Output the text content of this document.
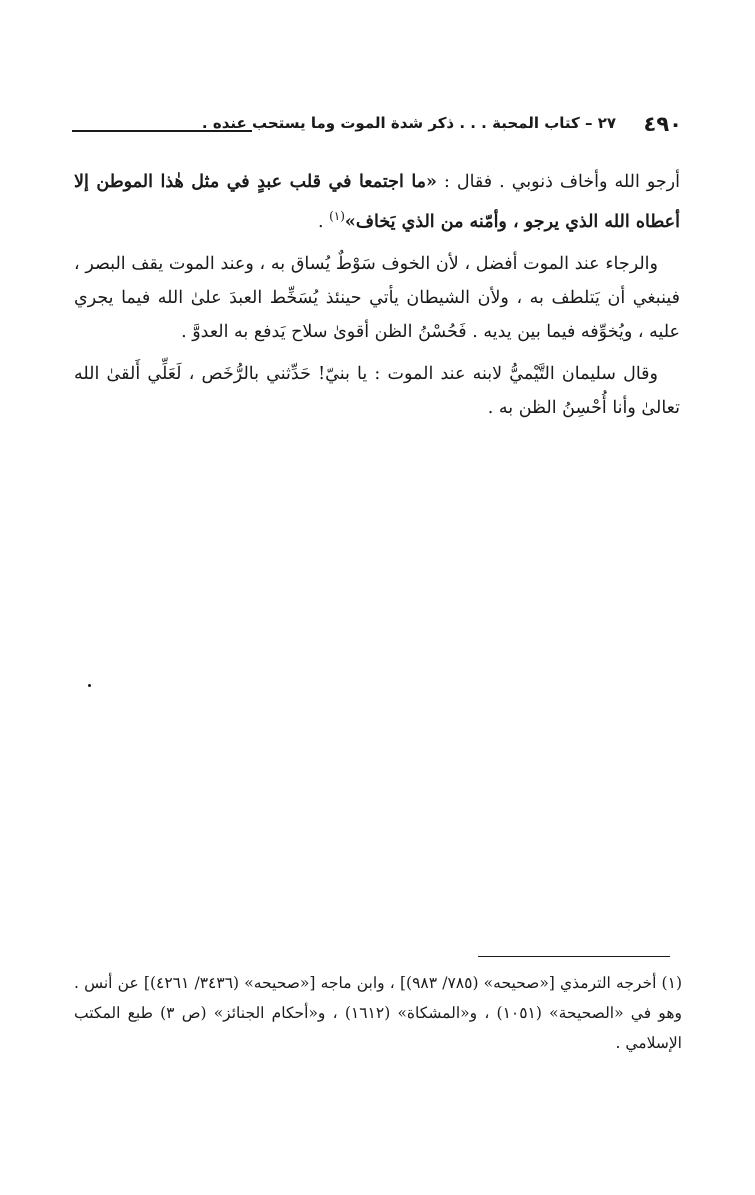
٤٩٠
٢٧ – كتاب المحبة . . . ذكر شدة الموت وما يستحب عنده .

أرجو الله وأخاف ذنوبي . فقال : «ما اجتمعا في قلب عبدٍ في مثل هٰذا الموطن إلا أعطاه الله الذي يرجو ، وأمّنه من الذي يَخاف»$^{(١)}$ .

والرجاء عند الموت أفضل ، لأن الخوف سَوْطٌ يُساق به ، وعند الموت يقف البصر ، فينبغي أن يَتلطف به ، ولأن الشيطان يأتي حينئذ يُسَخِّط العبدَ علىٰ الله فيما يجري عليه ، ويُخوِّفه فيما بين يديه . فَحُسْنُ الظن أقوىٰ سلاح يَدفع به العدوَّ .

وقال سليمان التَّيْميُّ لابنه عند الموت : يا بنيّ! حَدِّثني بالرُّخَص ، لَعَلِّي أَلقىٰ الله تعالىٰ وأنا أُحْسِنُ الظن به .

(١) أخرجه الترمذي [«صحيحه» (٧٨٥/ ٩٨٣)] ، وابن ماجه [«صحيحه» (٣٤٣٦/ ٤٢٦١)] عن أنس . وهو في «الصحيحة» (١٠٥١) ، و«المشكاة» (١٦١٢) ، و«أحكام الجنائز» (ص ٣) طبع المكتب الإسلامي .
